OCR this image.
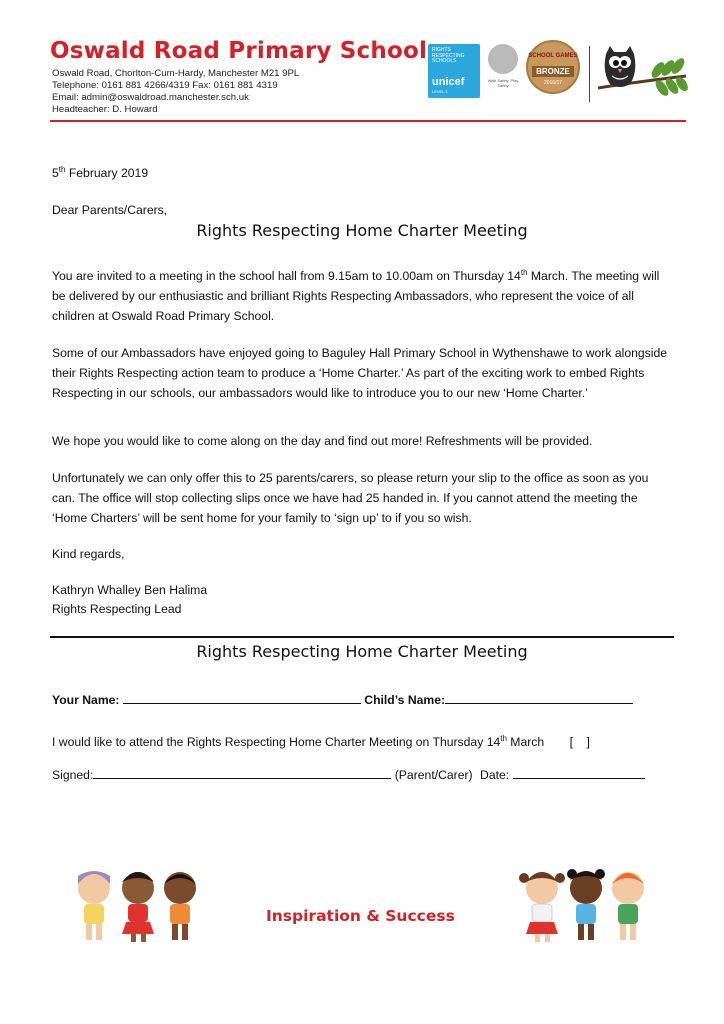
Oswald Road Primary School
Oswald Road, Chorlton-Cum-Hardy, Manchester M21 9PL
Telephone: 0161 881 4266/4319 Fax: 0161 881 4319
Email: admin@oswaldroad.manchester.sch.uk
Headteacher: D. Howard
RIGHTS RESPECTING SCHOOLS
unicef
LEVEL 1
Walk Safely, Play Safely
SCHOOL GAMES
BRONZE
2016/17
5th February 2019
Dear Parents/Carers,
Rights Respecting Home Charter Meeting
You are invited to a meeting in the school hall from 9.15am to 10.00am on Thursday 14th March. The meeting will be delivered by our enthusiastic and brilliant Rights Respecting Ambassadors, who represent the voice of all children at Oswald Road Primary School.
Some of our Ambassadors have enjoyed going to Baguley Hall Primary School in Wythenshawe to work alongside their Rights Respecting action team to produce a ‘Home Charter.’ As part of the exciting work to embed Rights Respecting in our schools, our ambassadors would like to introduce you to our new ‘Home Charter.’
We hope you would like to come along on the day and find out more! Refreshments will be provided.
Unfortunately we can only offer this to 25 parents/carers, so please return your slip to the office as soon as you can. The office will stop collecting slips once we have had 25 handed in. If you cannot attend the meeting the ‘Home Charters’ will be sent home for your family to ‘sign up’ to if you so wish.
Kind regards,
Kathryn Whalley Ben Halima
Rights Respecting Lead
Rights Respecting Home Charter Meeting
Your Name:	Child’s Name:
I would like to attend the Rights Respecting Home Charter Meeting on Thursday 14th March [    ]
Signed:	(Parent/Carer) Date:
Inspiration & Success
